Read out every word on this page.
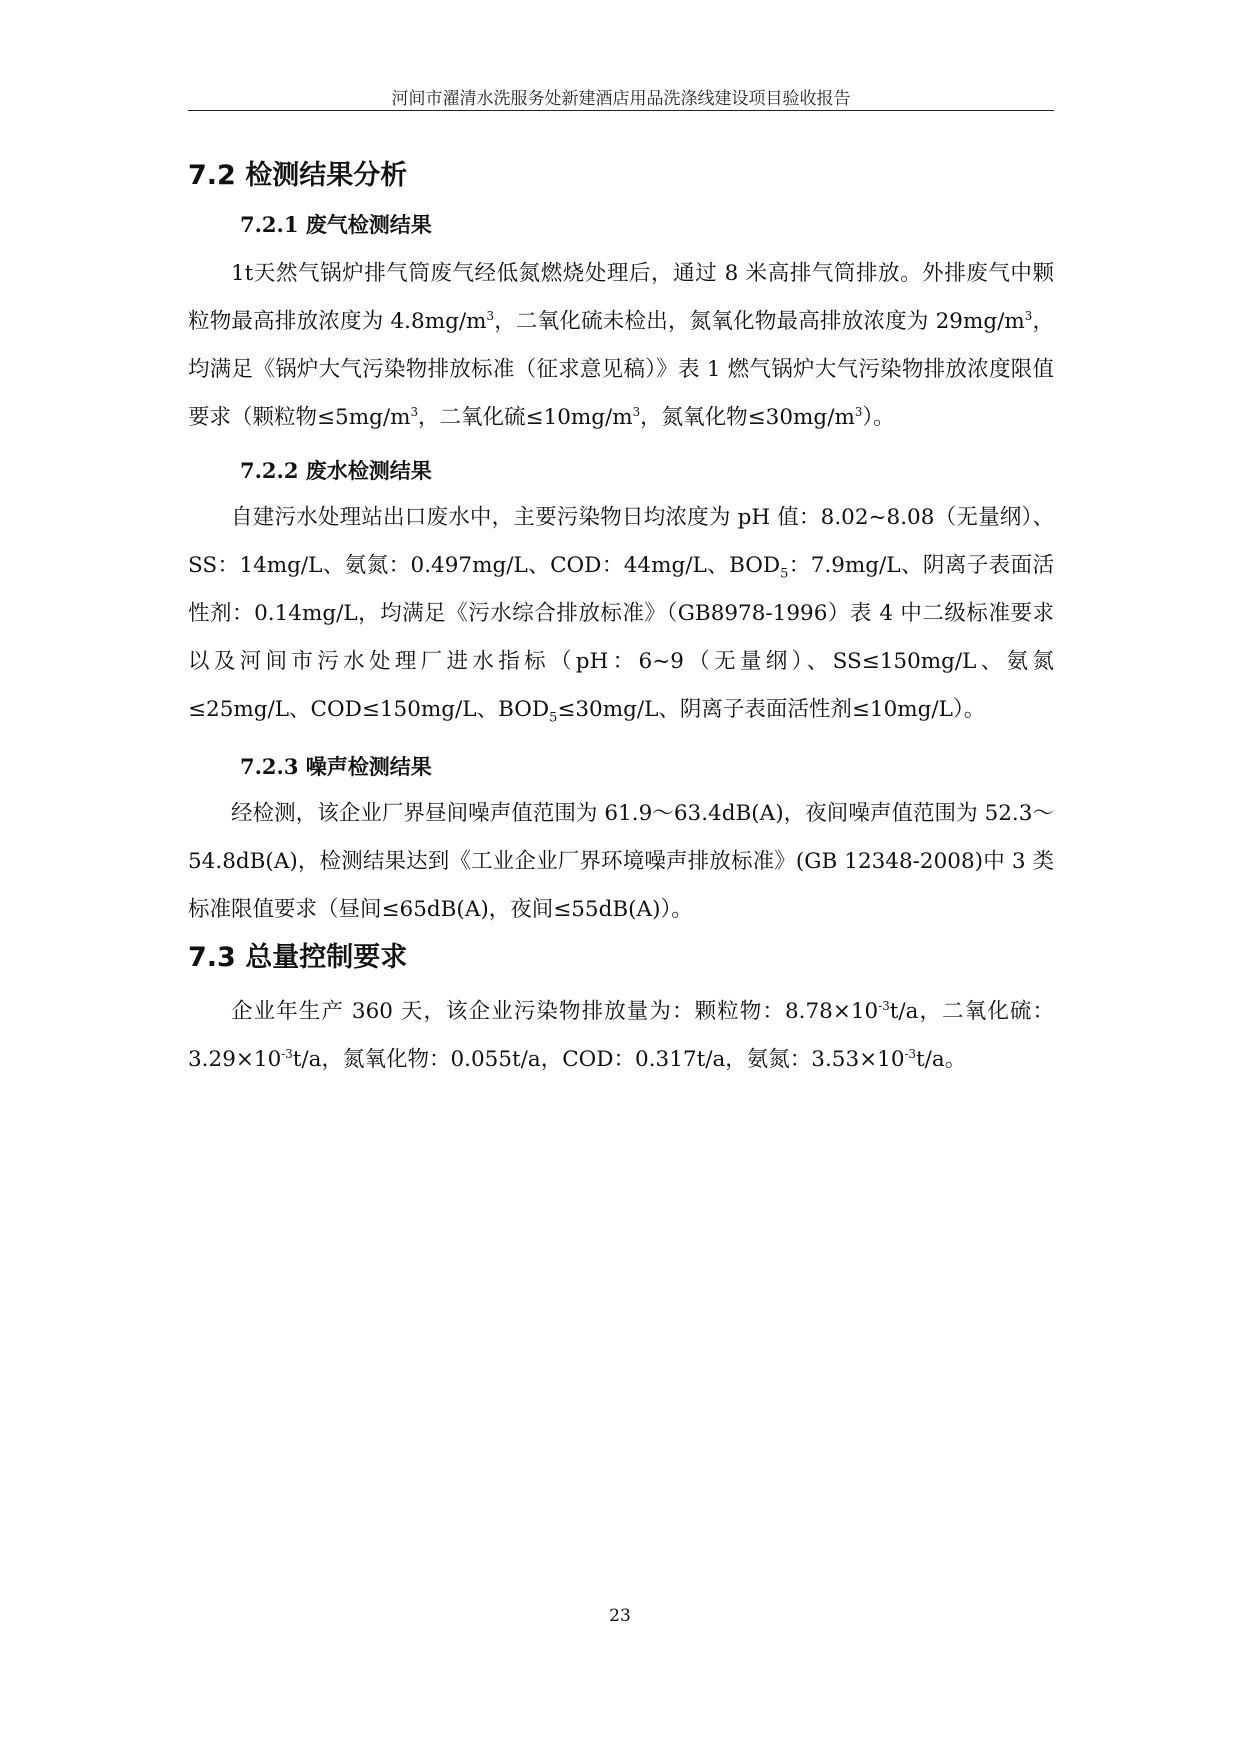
河间市濯清水洗服务处新建酒店用品洗涤线建设项目验收报告
7.2 检测结果分析
7.2.1 废气检测结果

1t天然气锅炉排气筒废气经低氮燃烧处理后，通过 8 米高排气筒排放。外排废气中颗粒物最高排放浓度为 $4.8mg/m^3$，二氧化硫未检出，氮氧化物最高排放浓度为 $29mg/m^3$，均满足《锅炉大气污染物排放标准（征求意见稿）》表 1 燃气锅炉大气污染物排放浓度限值要求（颗粒物$\le 5mg/m^3$，二氧化硫$\le 10mg/m^3$，氮氧化物$\le 30mg/m^3$）。

7.2.2 废水检测结果

自建污水处理站出口废水中，主要污染物日均浓度为 pH 值：8.02~8.08（无量纲）、SS：14mg/L、氨氮：0.497mg/L、COD：44mg/L、$BOD_5$：7.9mg/L、阴离子表面活性剂：0.14mg/L，均满足《污水综合排放标准》（GB8978-1996）表 4 中二级标准要求以及河间市污水处理厂进水指标（pH：6~9（无量纲）、SS≤150mg/L、氨氮≤25mg/L、COD≤150mg/L、$BOD_5\le 30mg/L$、阴离子表面活性剂≤10mg/L）。

7.2.3 噪声检测结果

经检测，该企业厂界昼间噪声值范围为 61.9～63.4dB(A)，夜间噪声值范围为 52.3～54.8dB(A)，检测结果达到《工业企业厂界环境噪声排放标准》(GB 12348-2008)中 3 类标准限值要求（昼间≤65dB(A)，夜间≤55dB(A)）。

7.3 总量控制要求

企业年生产 360 天，该企业污染物排放量为：颗粒物：$8.78\times 10^{-3}t/a$，二氧化硫：$3.29\times 10^{-3}t/a$，氮氧化物：0.055t/a，COD：0.317t/a，氨氮：$3.53\times 10^{-3}t/a$。

23
